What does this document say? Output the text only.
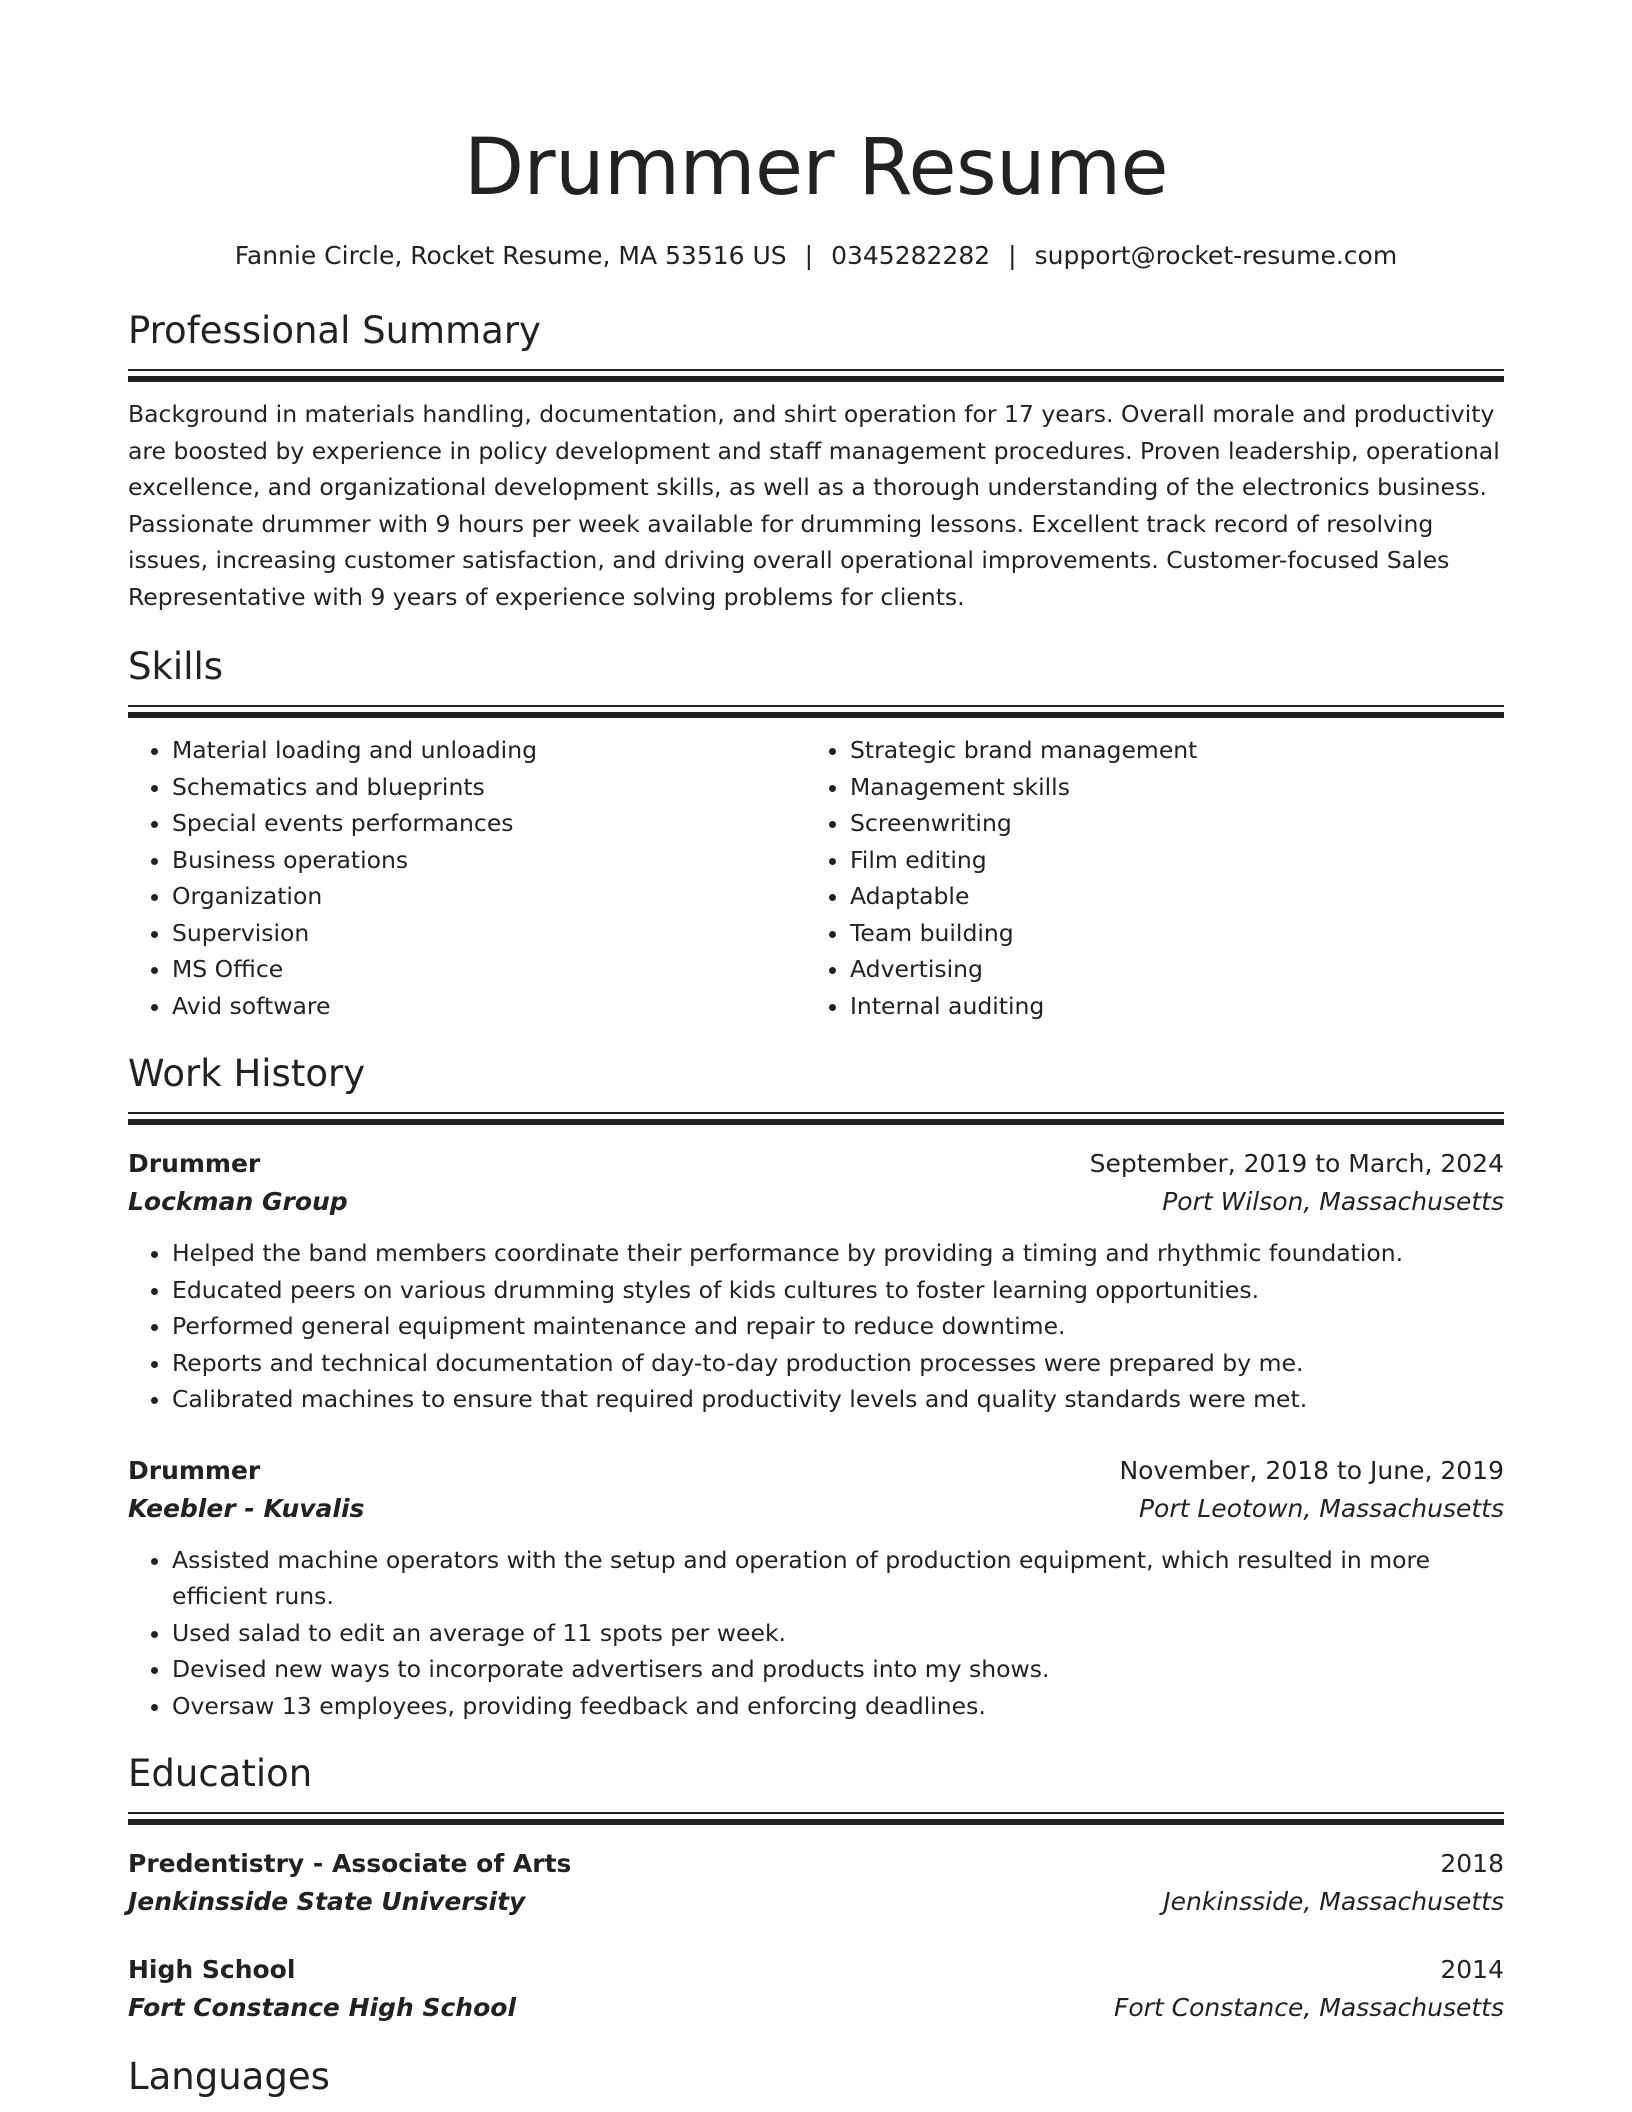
Drummer Resume
Fannie Circle, Rocket Resume, MA 53516 US | 0345282282 | support@rocket-resume.com
Professional Summary
Background in materials handling, documentation, and shirt operation for 17 years. Overall morale and productivity are boosted by experience in policy development and staff management procedures. Proven leadership, operational excellence, and organizational development skills, as well as a thorough understanding of the electronics business. Passionate drummer with 9 hours per week available for drumming lessons. Excellent track record of resolving issues, increasing customer satisfaction, and driving overall operational improvements. Customer-focused Sales Representative with 9 years of experience solving problems for clients.
Skills
• Material loading and unloading
• Schematics and blueprints
• Special events performances
• Business operations
• Organization
• Supervision
• MS Office
• Avid software
• Strategic brand management
• Management skills
• Screenwriting
• Film editing
• Adaptable
• Team building
• Advertising
• Internal auditing
Work History
Drummer	September, 2019 to March, 2024
Lockman Group	Port Wilson, Massachusetts
• Helped the band members coordinate their performance by providing a timing and rhythmic foundation.
• Educated peers on various drumming styles of kids cultures to foster learning opportunities.
• Performed general equipment maintenance and repair to reduce downtime.
• Reports and technical documentation of day-to-day production processes were prepared by me.
• Calibrated machines to ensure that required productivity levels and quality standards were met.
Drummer	November, 2018 to June, 2019
Keebler - Kuvalis	Port Leotown, Massachusetts
• Assisted machine operators with the setup and operation of production equipment, which resulted in more efficient runs.
• Used salad to edit an average of 11 spots per week.
• Devised new ways to incorporate advertisers and products into my shows.
• Oversaw 13 employees, providing feedback and enforcing deadlines.
Education
Predentistry - Associate of Arts	2018
Jenkinsside State University	Jenkinsside, Massachusetts
High School	2014
Fort Constance High School	Fort Constance, Massachusetts
Languages
